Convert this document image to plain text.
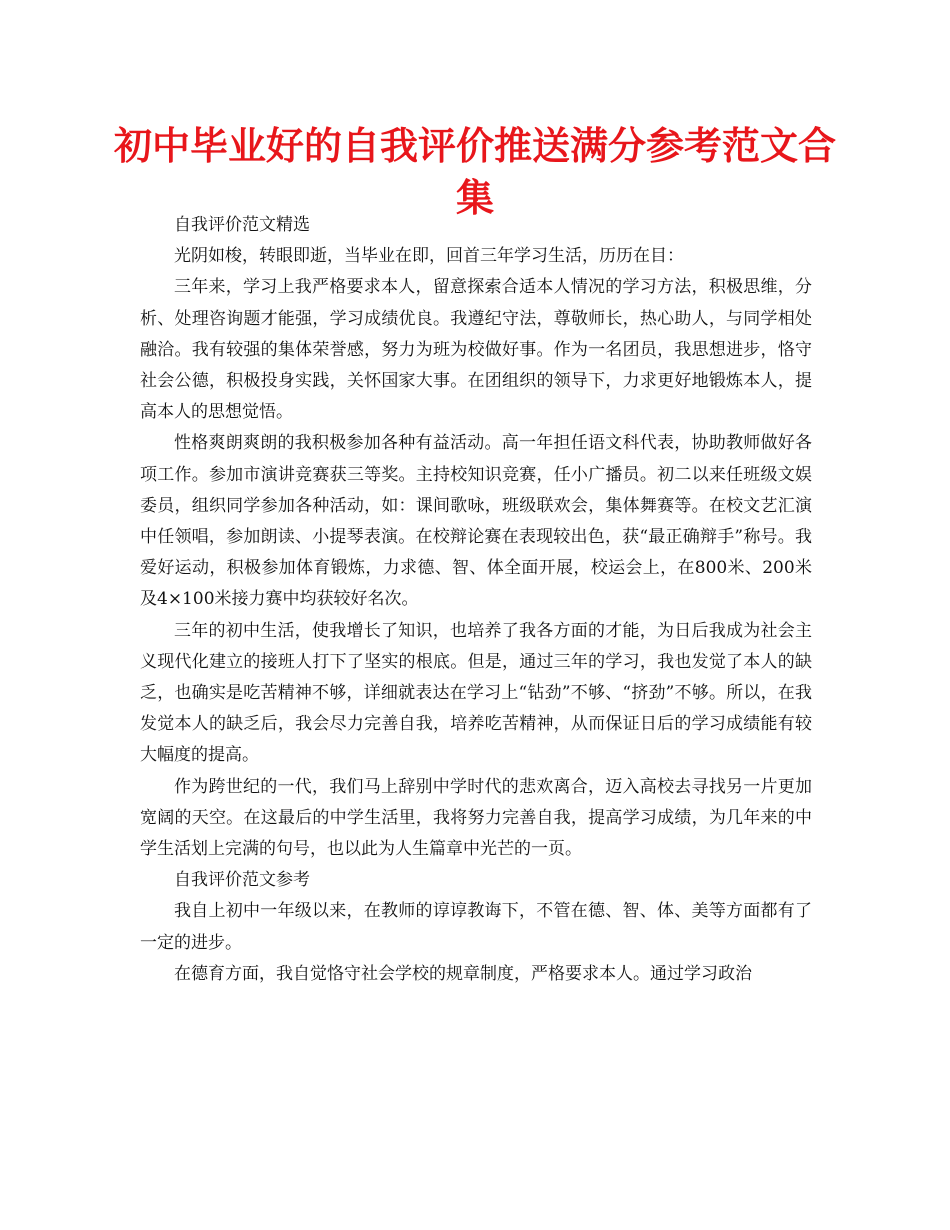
初中毕业好的自我评价推送满分参考范文合集

自我评价范文精选

光阴如梭，转眼即逝，当毕业在即，回首三年学习生活，历历在目：

三年来，学习上我严格要求本人，留意探索合适本人情况的学习方法，积极思维，分析、处理咨询题才能强，学习成绩优良。我遵纪守法，尊敬师长，热心助人，与同学相处融洽。我有较强的集体荣誉感，努力为班为校做好事。作为一名团员，我思想进步，恪守社会公德，积极投身实践，关怀国家大事。在团组织的领导下，力求更好地锻炼本人，提高本人的思想觉悟。

性格爽朗爽朗的我积极参加各种有益活动。高一年担任语文科代表，协助教师做好各项工作。参加市演讲竞赛获三等奖。主持校知识竞赛，任小广播员。初二以来任班级文娱委员，组织同学参加各种活动，如：课间歌咏，班级联欢会，集体舞赛等。在校文艺汇演中任领唱，参加朗读、小提琴表演。在校辩论赛在表现较出色，获“最正确辩手”称号。我爱好运动，积极参加体育锻炼，力求德、智、体全面开展，校运会上，在800米、200米及4×100米接力赛中均获较好名次。

三年的初中生活，使我增长了知识，也培养了我各方面的才能，为日后我成为社会主义现代化建立的接班人打下了坚实的根底。但是，通过三年的学习，我也发觉了本人的缺乏，也确实是吃苦精神不够，详细就表达在学习上“钻劲”不够、“挤劲”不够。所以，在我发觉本人的缺乏后，我会尽力完善自我，培养吃苦精神，从而保证日后的学习成绩能有较大幅度的提高。

作为跨世纪的一代，我们马上辞别中学时代的悲欢离合，迈入高校去寻找另一片更加宽阔的天空。在这最后的中学生活里，我将努力完善自我，提高学习成绩，为几年来的中学生活划上完满的句号，也以此为人生篇章中光芒的一页。

自我评价范文参考

我自上初中一年级以来，在教师的谆谆教诲下，不管在德、智、体、美等方面都有了一定的进步。

在德育方面，我自觉恪守社会学校的规章制度，严格要求本人。通过学习政治
